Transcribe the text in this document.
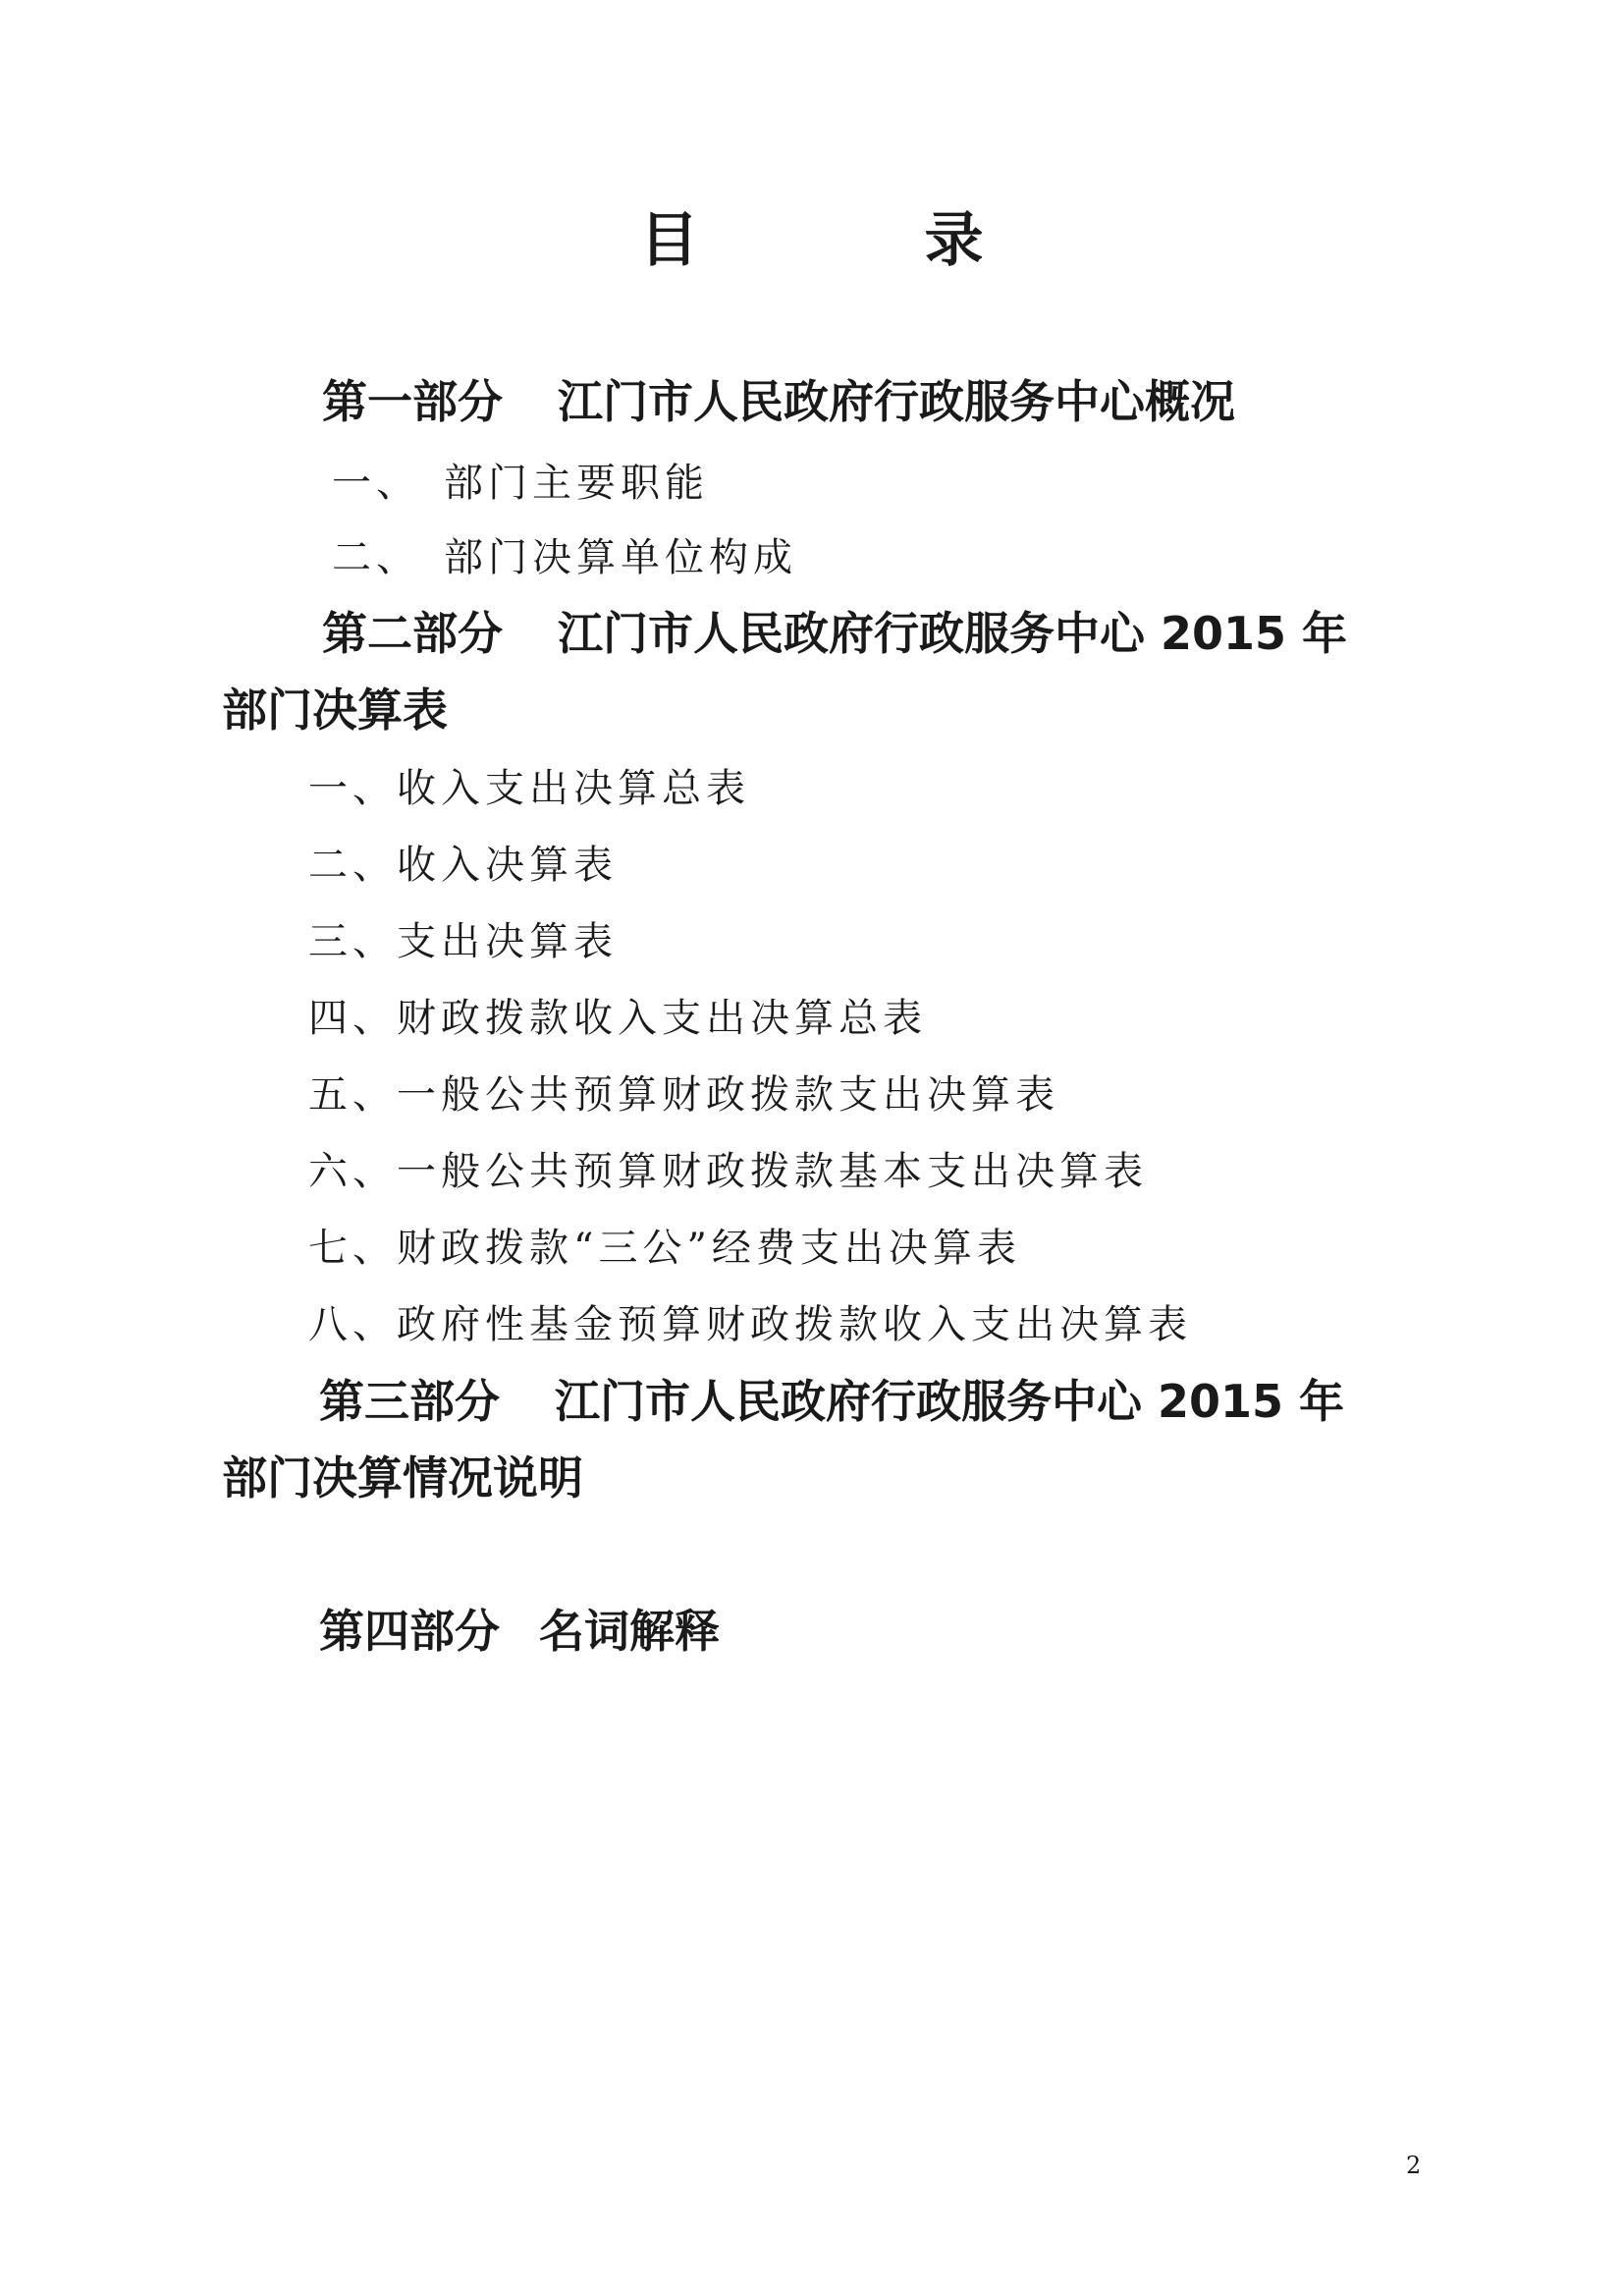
目录
第一部分 江门市人民政府行政服务中心概况
一、 部门主要职能
二、 部门决算单位构成
第二部分 江门市人民政府行政服务中心 2015 年
部门决算表
一、收入支出决算总表
二、收入决算表
三、支出决算表
四、财政拨款收入支出决算总表
五、一般公共预算财政拨款支出决算表
六、一般公共预算财政拨款基本支出决算表
七、财政拨款“三公”经费支出决算表
八、政府性基金预算财政拨款收入支出决算表
第三部分 江门市人民政府行政服务中心 2015 年
部门决算情况说明
第四部分 名词解释
2
